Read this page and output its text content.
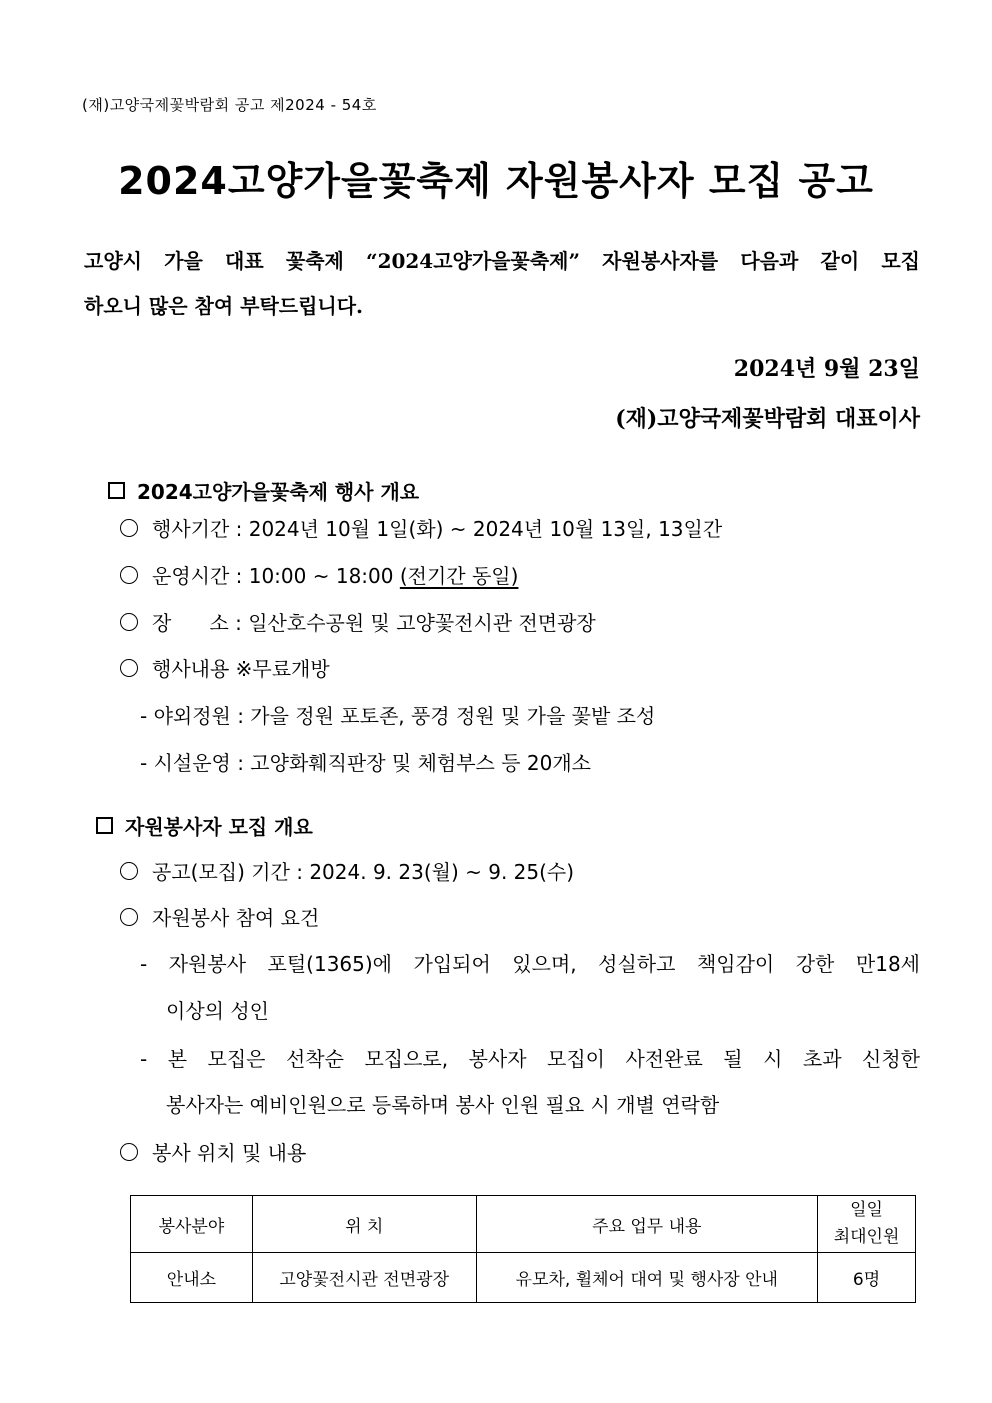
(재)고양국제꽃박람회 공고 제2024 - 54호
2024고양가을꽃축제 자원봉사자 모집 공고
고양시 가을 대표 꽃축제 “2024고양가을꽃축제” 자원봉사자를 다음과 같이 모집
하오니 많은 참여 부탁드립니다.
2024년 9월 23일
(재)고양국제꽃박람회 대표이사
2024고양가을꽃축제 행사 개요
행사기간 : 2024년 10월 1일(화) ~ 2024년 10월 13일, 13일간
운영시간 : 10:00 ~ 18:00 (전기간 동일)
장      소 : 일산호수공원 및 고양꽃전시관 전면광장
행사내용 ※무료개방
- 야외정원 : 가을 정원 포토존, 풍경 정원 및 가을 꽃밭 조성
- 시설운영 : 고양화훼직판장 및 체험부스 등 20개소
자원봉사자 모집 개요
공고(모집) 기간 : 2024. 9. 23(월) ~ 9. 25(수)
자원봉사 참여 요건
- 자원봉사 포털(1365)에 가입되어 있으며, 성실하고 책임감이 강한 만18세
이상의 성인
- 본 모집은 선착순 모집으로, 봉사자 모집이 사전완료 될 시 초과 신청한
봉사자는 예비인원으로 등록하며 봉사 인원 필요 시 개별 연락함
봉사 위치 및 내용
봉사분야	위 치	주요 업무 내용	일일
최대인원

안내소	고양꽃전시관 전면광장	유모차, 휠체어 대여 및 행사장 안내	6명
